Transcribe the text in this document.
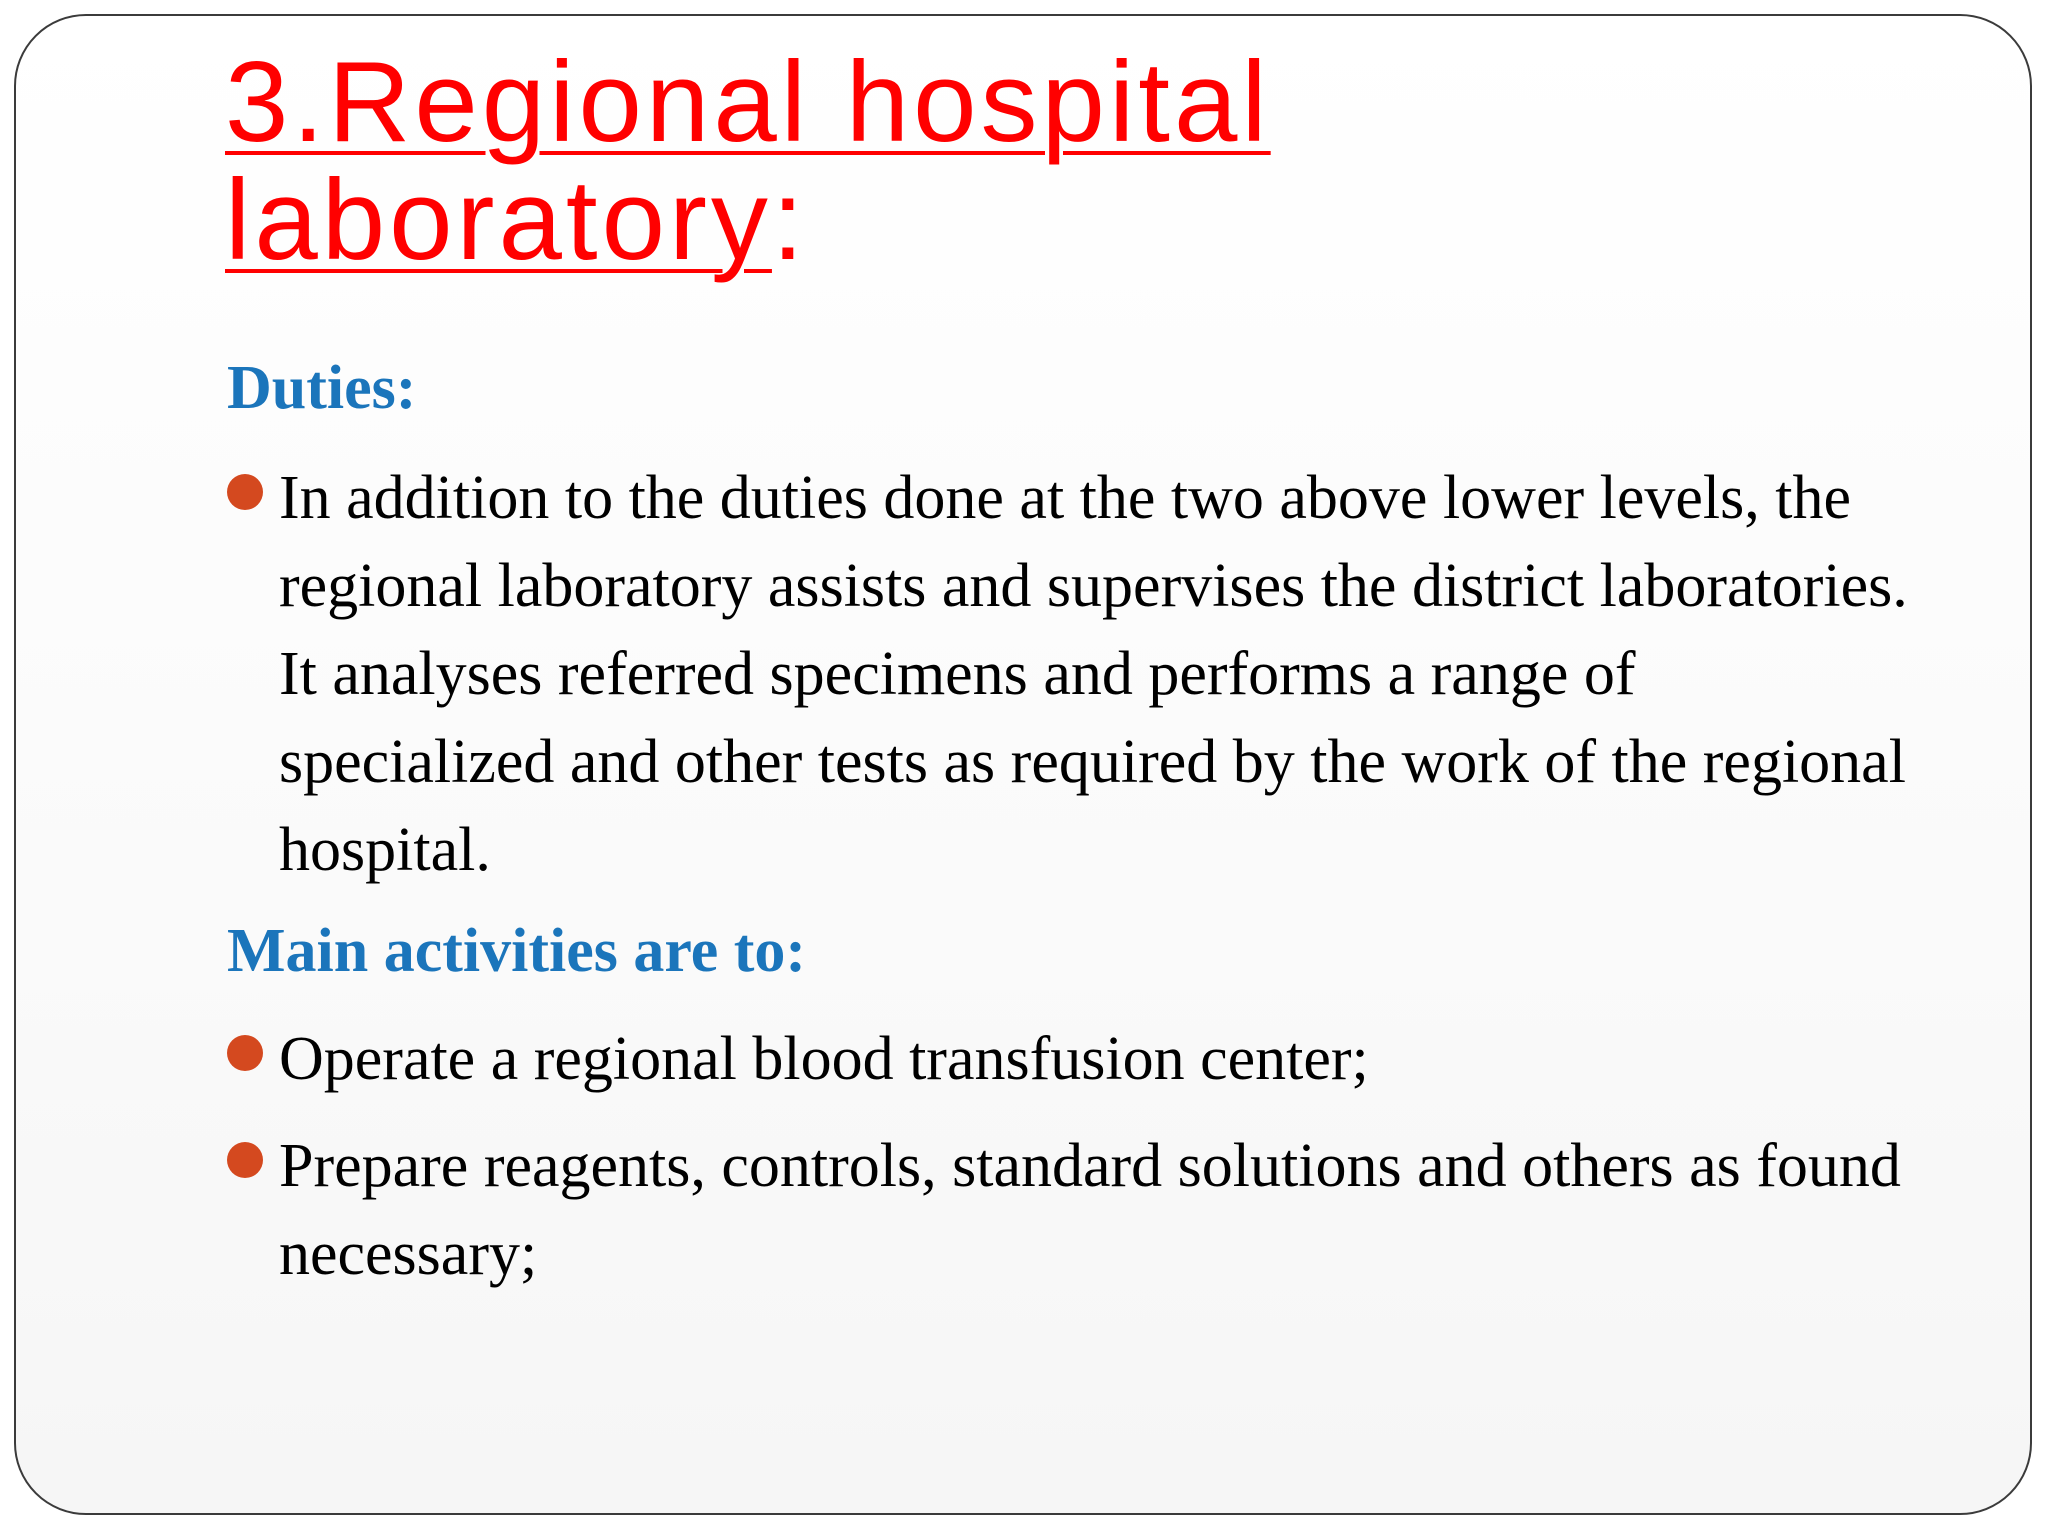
3.Regional hospital laboratory:
Duties:
In addition to the duties done at the two above lower levels, the regional laboratory assists and supervises the district laboratories. It analyses referred specimens and performs a range of specialized and other tests as required by the work of the regional hospital.
Main activities are to:
Operate a regional blood transfusion center;
Prepare reagents, controls, standard solutions and others as found necessary;
